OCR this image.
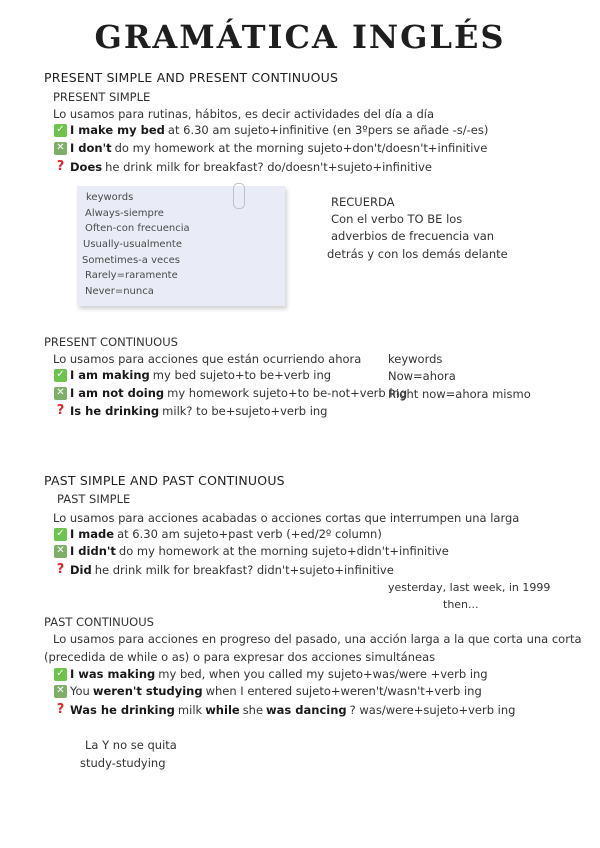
GRAMÁTICA INGLÉS
PRESENT SIMPLE AND PRESENT CONTINUOUS
PRESENT SIMPLE
Lo usamos para rutinas, hábitos, es decir actividades del día a día
✓ I make my bed at 6.30 am sujeto+infinitive (en 3ºpers se añade -s/-es)
✕ I don't do my homework at the morning sujeto+don't/doesn't+infinitive
? Does he drink milk for breakfast? do/doesn't+sujeto+infinitive
keywords
Always-siempre
Often-con frecuencia
Usually-usualmente
Sometimes-a veces
Rarely=raramente
Never=nunca
RECUERDA
Con el verbo TO BE los
adverbios de frecuencia van
detrás y con los demás delante
PRESENT CONTINUOUS
Lo usamos para acciones que están ocurriendo ahora keywords
✓ I am making my bed sujeto+to be+verb ing	Now=ahora
✕ I am not doing my homework sujeto+to be-not+verb ing
Right now=ahora mismo
? Is he drinking milk? to be+sujeto+verb ing
PAST SIMPLE AND PAST CONTINUOUS
PAST SIMPLE
Lo usamos para acciones acabadas o acciones cortas que interrumpen una larga
✓ I made at 6.30 am sujeto+past verb (+ed/2º column)
✕ I didn't do my homework at the morning sujeto+didn't+infinitive
? Did he drink milk for breakfast? didn't+sujeto+infinitive
yesterday, last week, in 1999
then...
PAST CONTINUOUS
Lo usamos para acciones en progreso del pasado, una acción larga a la que corta una corta
(precedida de while o as) o para expresar dos acciones simultáneas
✓ I was making my bed, when you called my sujeto+was/were +verb ing
✕ You weren't studying when I entered sujeto+weren't/wasn't+verb ing
? Was he drinking milk while she was dancing ? was/were+sujeto+verb ing
La Y no se quita
study-studying
